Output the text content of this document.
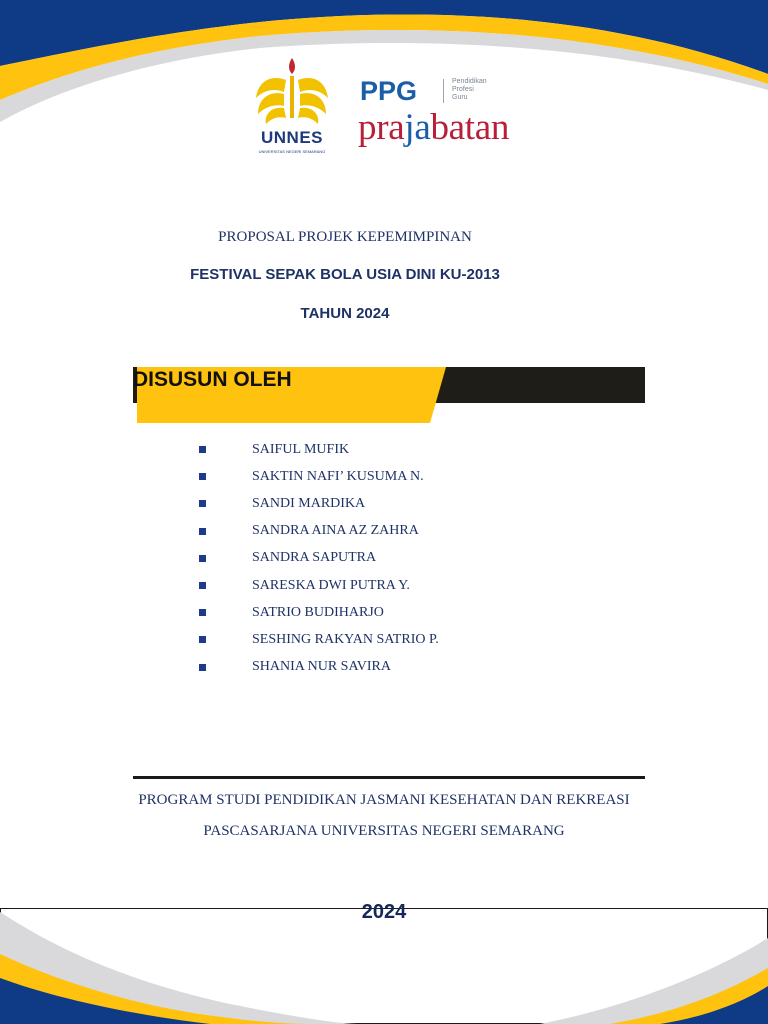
UNNES
UNIVERSITAS NEGERI SEMARANG
PPG	Pendidikan
Profesi
Guru
prajabatan
PROPOSAL PROJEK KEPEMIMPINAN
FESTIVAL SEPAK BOLA USIA DINI KU-2013
TAHUN 2024
DISUSUN OLEH
SAIFUL MUFIK
SAKTIN NAFI’ KUSUMA N.
SANDI MARDIKA
SANDRA AINA AZ ZAHRA
SANDRA SAPUTRA
SARESKA DWI PUTRA Y.
SATRIO BUDIHARJO
SESHING RAKYAN SATRIO P.
SHANIA NUR SAVIRA
PROGRAM STUDI PENDIDIKAN JASMANI KESEHATAN DAN REKREASI
PASCASARJANA UNIVERSITAS NEGERI SEMARANG
2024
